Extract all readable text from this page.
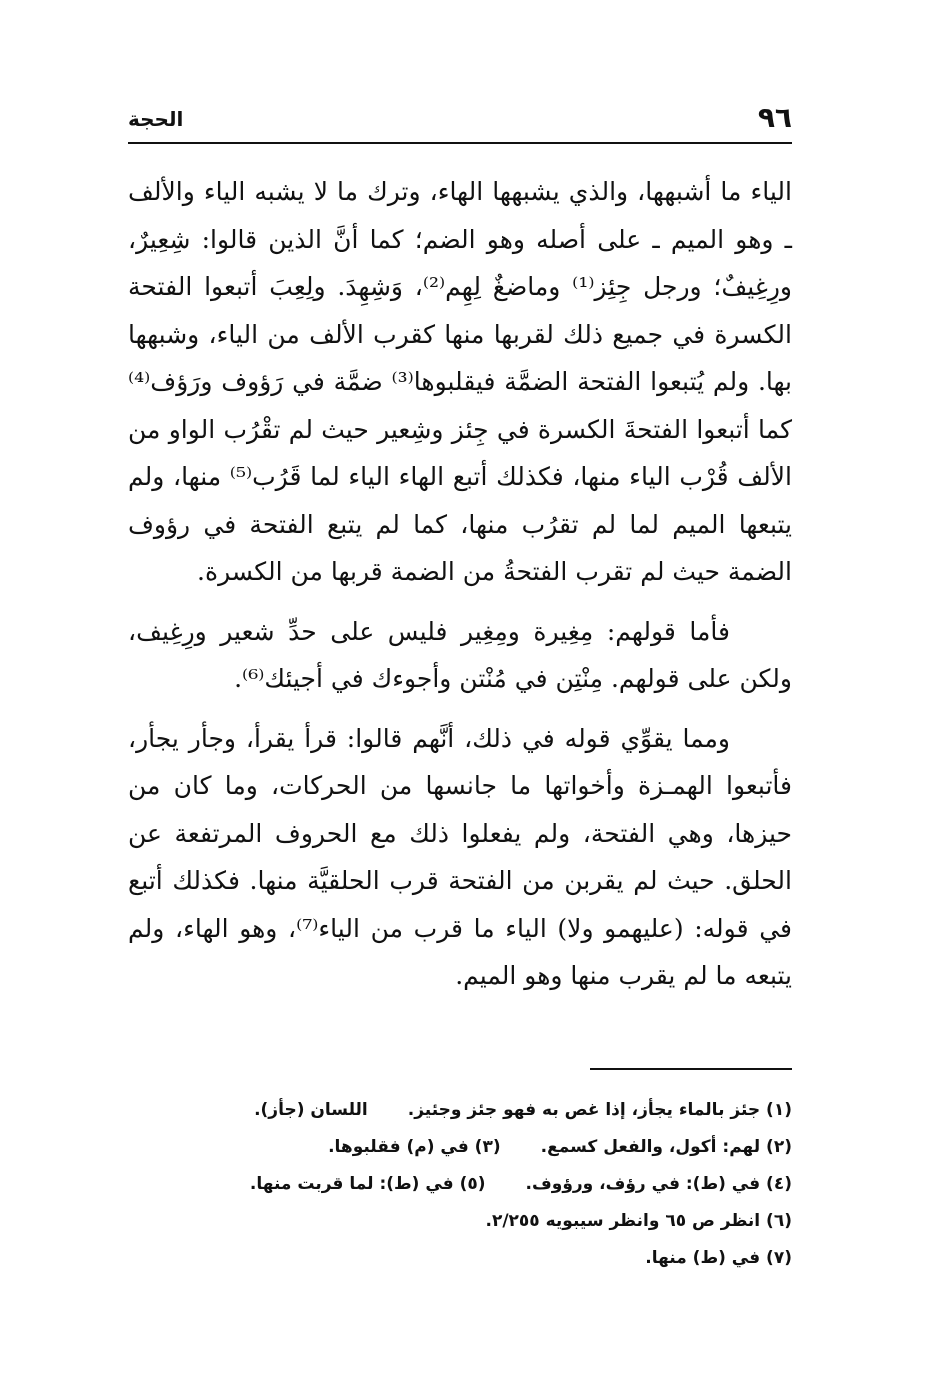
٩٦
الحجة

الياء ما أشبهها، والذي يشبهها الهاء، وترك ما لا يشبه الياء والألف ـ وهو الميم ـ على أصله وهو الضم؛ كما أنَّ الذين قالوا: شِعِيرٌ، ورِغِيفٌ؛ ورجل جِئِز⁽¹⁾ وماضغٌ لِهِم⁽²⁾، وَشِهِدَ. ولِعِبَ أتبعوا الفتحة الكسرة في جميع ذلك لقربها منها كقرب الألف من الياء، وشبهها بها. ولم يُتبعوا الفتحة الضمَّة فيقلبوها⁽³⁾ ضمَّة في رَؤوف ورَؤف⁽⁴⁾ كما أتبعوا الفتحةَ الكسرة في جِئز وشِعير حيث لم تقْرُب الواو من الألف قُرْب الياء منها، فكذلك أتبع الهاء الياء لما قَرُب⁽⁵⁾ منها، ولم يتبعها الميم لما لم تقرُب منها، كما لم يتبع الفتحة في رؤوف الضمة حيث لم تقرب الفتحةُ من الضمة قربها من الكسرة.

فأما قولهم: مِغِيرة ومِغِير فليس على حدِّ شعير ورِغِيف، ولكن على قولهم. مِنْتِن في مُنْتن وأجوءك في أجيئك⁽⁶⁾.

ومما يقوِّي قوله في ذلك، أنَّهم قالوا: قرأ يقرأ، وجأر يجأر، فأتبعوا الهمـزة وأخواتها ما جانسها من الحركات، وما كان من حيزها، وهي الفتحة، ولم يفعلوا ذلك مع الحروف المرتفعة عن الحلق. حيث لم يقربن من الفتحة قرب الحلقيَّة منها. فكذلك أتبع في قوله: (عليهمو ولا) الياء ما قرب من الياء⁽⁷⁾، وهو الهاء، ولم يتبعه ما لم يقرب منها وهو الميم.

(١) جئز بالماء يجأز، إذا غص به فهو جئز وجئيز.اللسان (جأز).

(٢) لهم: أكول، والفعل كسمع.(٣) في (م) فقلبوها.

(٤) في (ط): في رؤف، ورؤوف.(٥) في (ط): لما قربت منها.

(٦) انظر ص ٦٥ وانظر سيبويه ٢/٢٥٥.

(٧) في (ط) منها.
